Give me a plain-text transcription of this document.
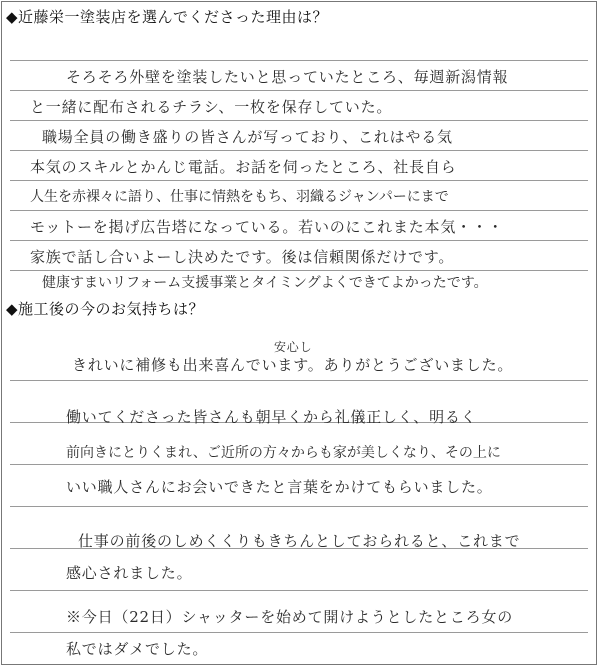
◆近藤栄一塗装店を選んでくださった理由は？
そろそろ外壁を塗装したいと思っていたところ、毎週新潟情報
と一緒に配布されるチラシ、一枚を保存していた。
職場全員の働き盛りの皆さんが写っており、これはやる気
本気のスキルとかんじ電話。お話を伺ったところ、社長自ら
人生を赤裸々に語り、仕事に情熱をもち、羽織るジャンパーにまで
モットーを掲げ広告塔になっている。若いのにこれまた本気・・・
家族で話し合いよーし決めたです。後は信頼関係だけです。
健康すまいリフォーム支援事業とタイミングよくできてよかったです。
◆施工後の今のお気持ちは？
安心し
きれいに補修も出来喜んでいます。ありがとうございました。
働いてくださった皆さんも朝早くから礼儀正しく、明るく
前向きにとりくまれ、ご近所の方々からも家が美しくなり、その上に
いい職人さんにお会いできたと言葉をかけてもらいました。
仕事の前後のしめくくりもきちんとしておられると、これまで
感心されました。
※今日（22日）シャッターを始めて開けようとしたところ女の
私ではダメでした。
